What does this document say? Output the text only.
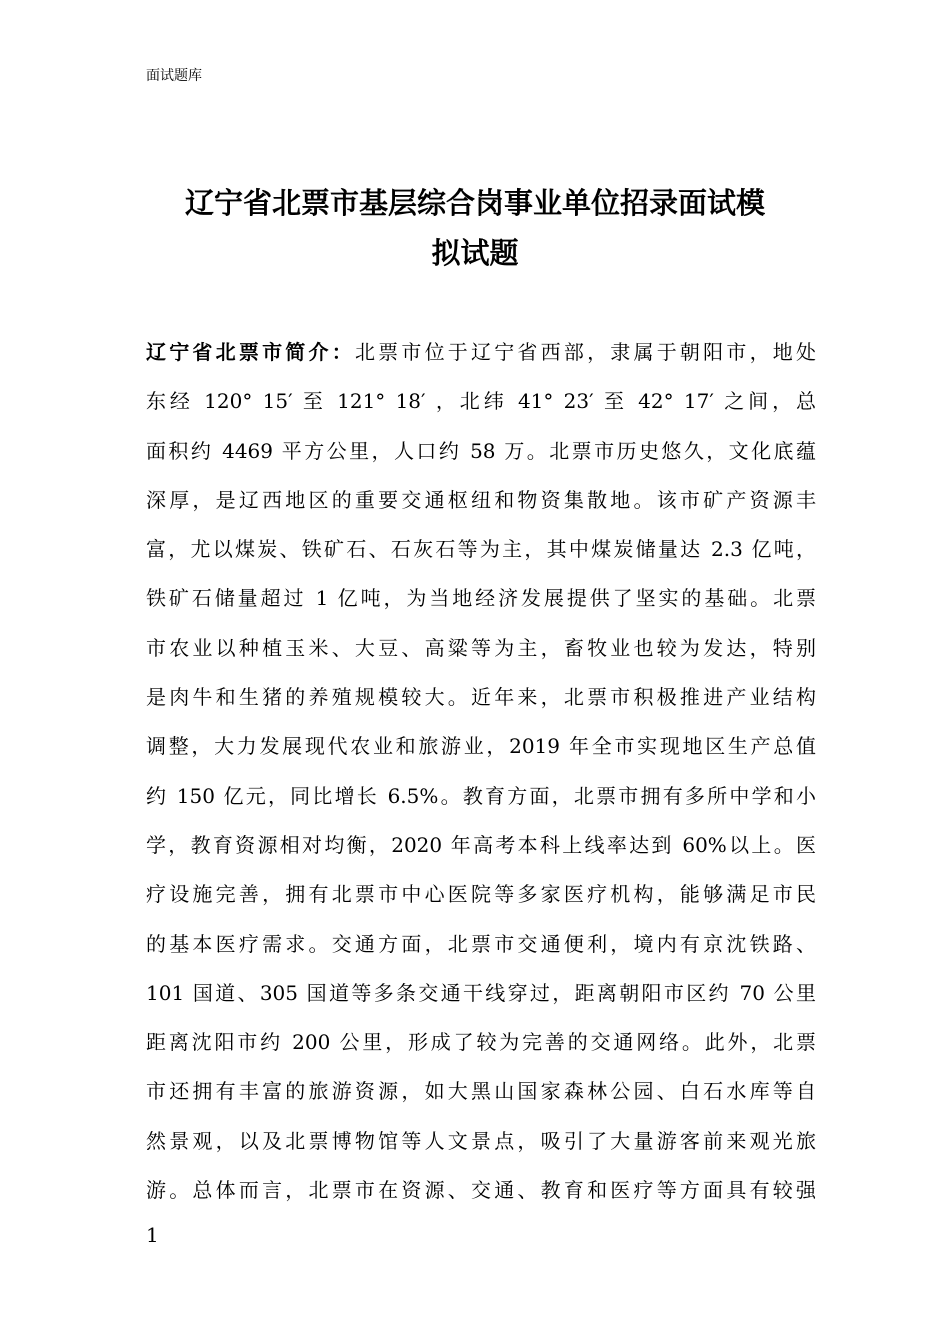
面试题库
辽宁省北票市基层综合岗事业单位招录面试模
拟试题
辽宁省北票市简介：北票市位于辽宁省西部，隶属于朝阳市，地处
东经 120° 15′ 至 121° 18′ ，北纬 41° 23′ 至 42° 17′ 之间，总
面积约 4469 平方公里，人口约 58 万。北票市历史悠久，文化底蕴
深厚，是辽西地区的重要交通枢纽和物资集散地。该市矿产资源丰
富，尤以煤炭、铁矿石、石灰石等为主，其中煤炭储量达 2.3 亿吨，
铁矿石储量超过 1 亿吨，为当地经济发展提供了坚实的基础。北票
市农业以种植玉米、大豆、高粱等为主，畜牧业也较为发达，特别
是肉牛和生猪的养殖规模较大。近年来，北票市积极推进产业结构
调整，大力发展现代农业和旅游业，2019 年全市实现地区生产总值
约 150 亿元，同比增长 6.5%。教育方面，北票市拥有多所中学和小
学，教育资源相对均衡，2020 年高考本科上线率达到 60%以上。医
疗设施完善，拥有北票市中心医院等多家医疗机构，能够满足市民
的基本医疗需求。交通方面，北票市交通便利，境内有京沈铁路、
101 国道、305 国道等多条交通干线穿过，距离朝阳市区约 70 公里
距离沈阳市约 200 公里，形成了较为完善的交通网络。此外，北票
市还拥有丰富的旅游资源，如大黑山国家森林公园、白石水库等自
然景观，以及北票博物馆等人文景点，吸引了大量游客前来观光旅
游。总体而言，北票市在资源、交通、教育和医疗等方面具有较强
1
